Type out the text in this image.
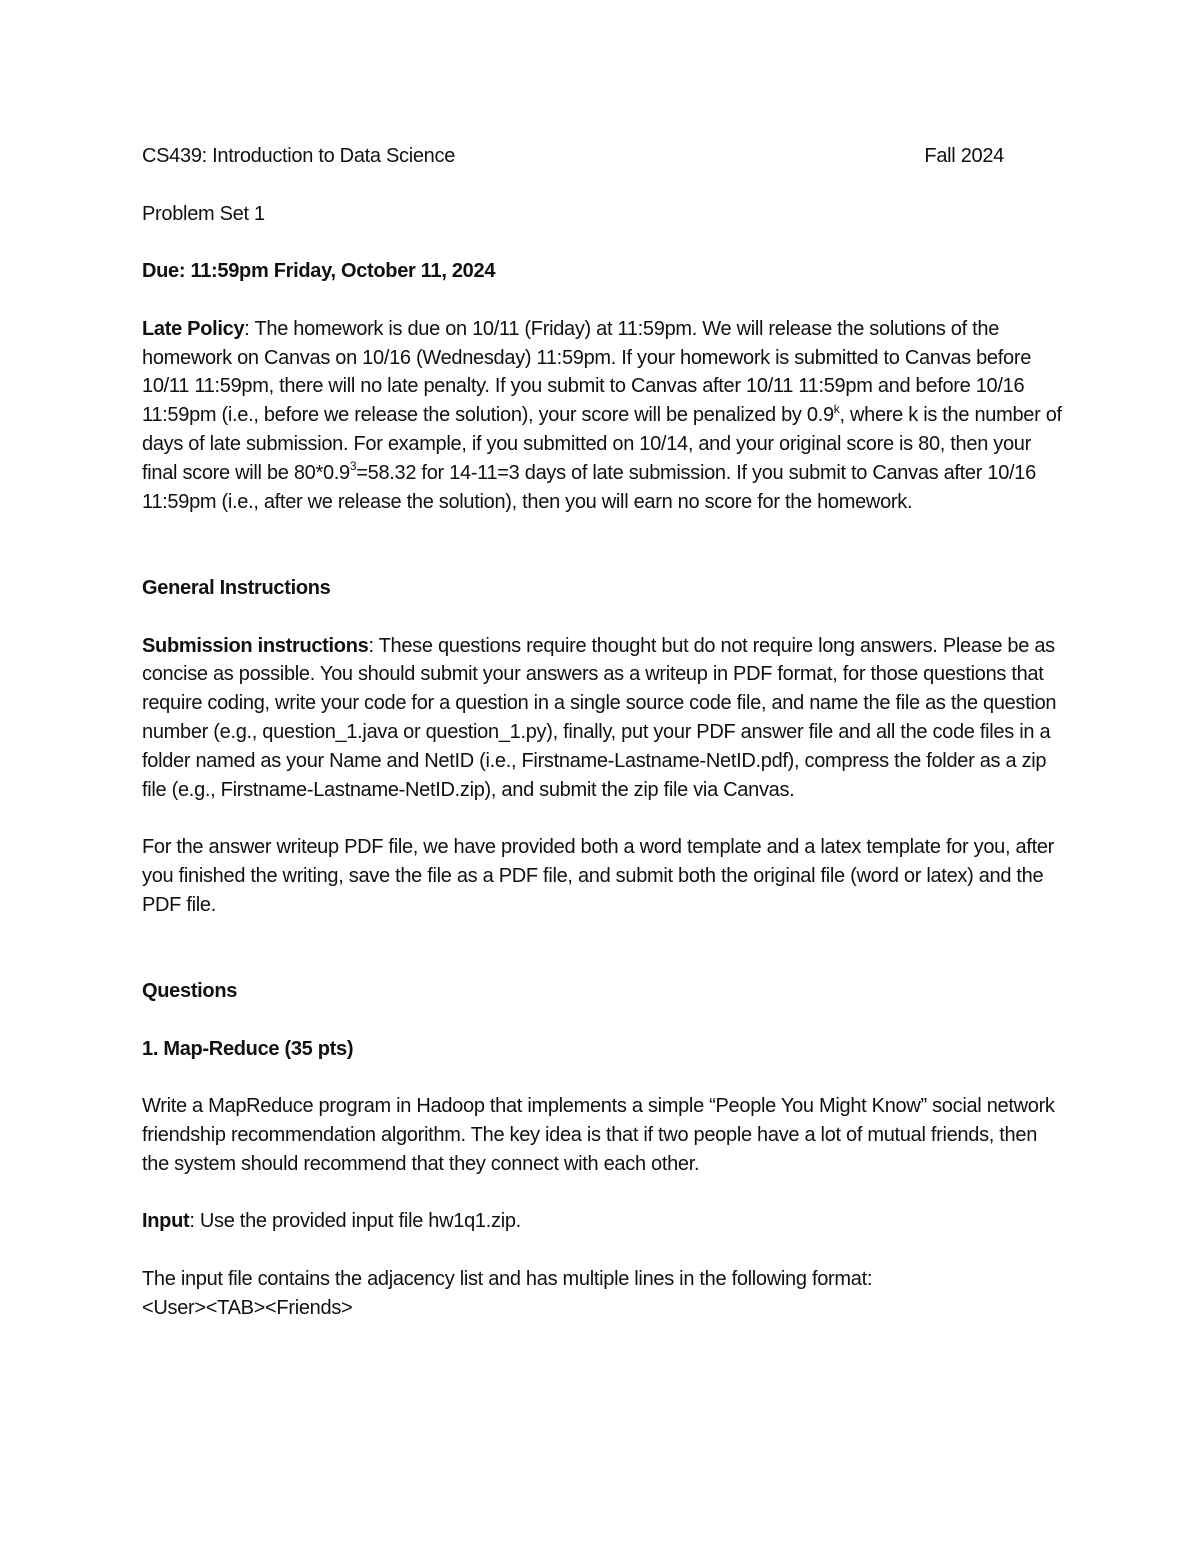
CS439: Introduction to Data Science	Fall 2024

Problem Set 1

Due: 11:59pm Friday, October 11, 2024

Late Policy: The homework is due on 10/11 (Friday) at 11:59pm. We will release the solutions of the homework on Canvas on 10/16 (Wednesday) 11:59pm. If your homework is submitted to Canvas before 10/11 11:59pm, there will no late penalty. If you submit to Canvas after 10/11 11:59pm and before 10/16 11:59pm (i.e., before we release the solution), your score will be penalized by 0.9$^k$, where k is the number of days of late submission. For example, if you submitted on 10/14, and your original score is 80, then your final score will be $80*0.9^3=58.32$ for 14-11=3 days of late submission. If you submit to Canvas after 10/16 11:59pm (i.e., after we release the solution), then you will earn no score for the homework.

General Instructions

Submission instructions: These questions require thought but do not require long answers. Please be as concise as possible. You should submit your answers as a writeup in PDF format, for those questions that require coding, write your code for a question in a single source code file, and name the file as the question number (e.g., question_1.java or question_1.py), finally, put your PDF answer file and all the code files in a folder named as your Name and NetID (i.e., Firstname-Lastname-NetID.pdf), compress the folder as a zip file (e.g., Firstname-Lastname-NetID.zip), and submit the zip file via Canvas.

For the answer writeup PDF file, we have provided both a word template and a latex template for you, after you finished the writing, save the file as a PDF file, and submit both the original file (word or latex) and the PDF file.

Questions

1. Map-Reduce (35 pts)

Write a MapReduce program in Hadoop that implements a simple “People You Might Know” social network friendship recommendation algorithm. The key idea is that if two people have a lot of mutual friends, then the system should recommend that they connect with each other.

Input: Use the provided input file hw1q1.zip.

The input file contains the adjacency list and has multiple lines in the following format:

<User><TAB><Friends>
